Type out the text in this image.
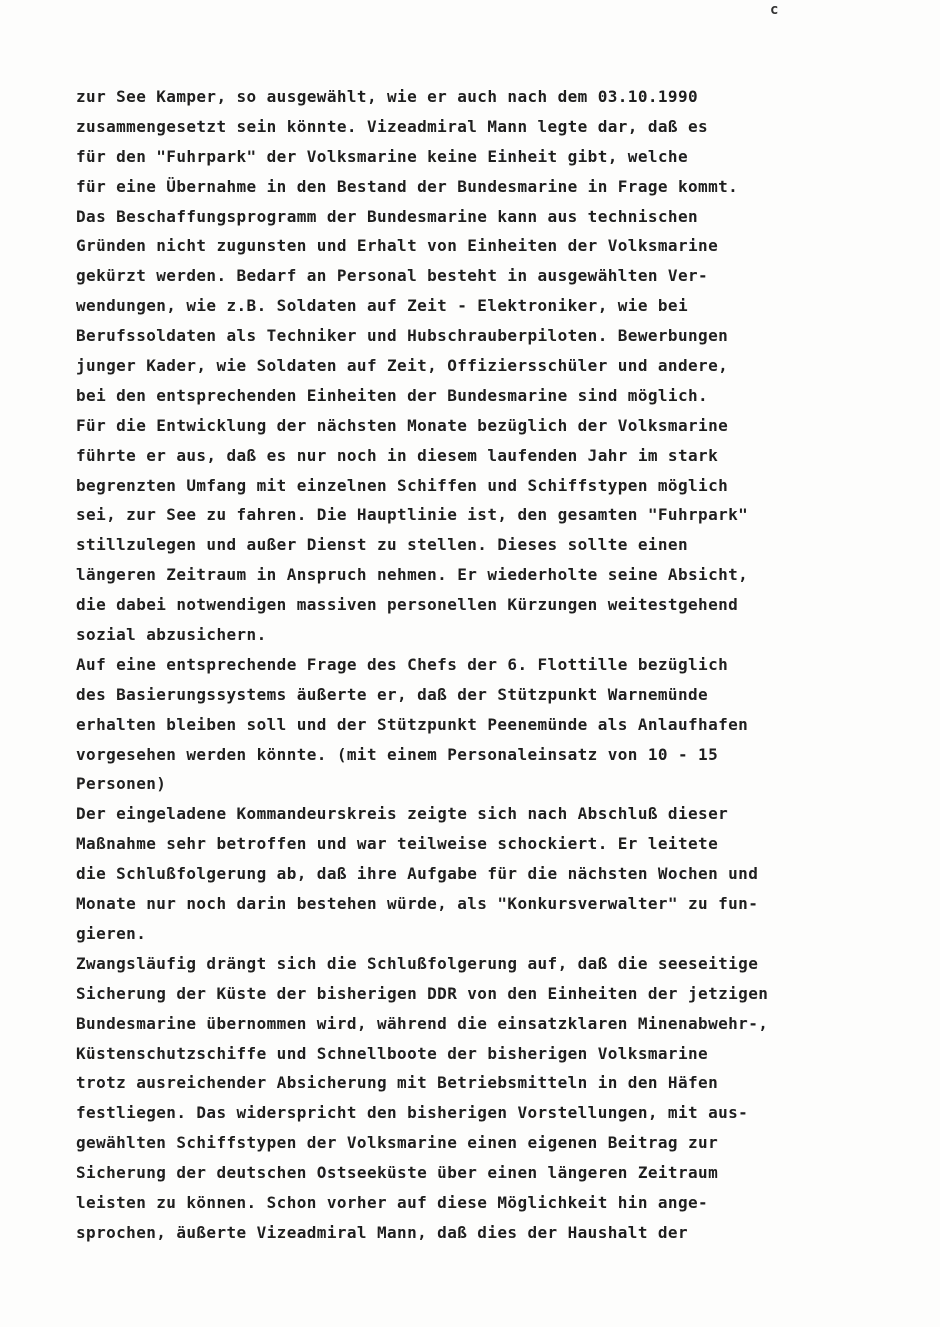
c
zur See Kamper, so ausgewählt, wie er auch nach dem 03.10.1990
zusammengesetzt sein könnte. Vizeadmiral Mann legte dar, daß es
für den "Fuhrpark" der Volksmarine keine Einheit gibt, welche
für eine Übernahme in den Bestand der Bundesmarine in Frage kommt.
Das Beschaffungsprogramm der Bundesmarine kann aus technischen
Gründen nicht zugunsten und Erhalt von Einheiten der Volksmarine
gekürzt werden. Bedarf an Personal besteht in ausgewählten Ver-
wendungen, wie z.B. Soldaten auf Zeit - Elektroniker, wie bei
Berufssoldaten als Techniker und Hubschrauberpiloten. Bewerbungen
junger Kader, wie Soldaten auf Zeit, Offiziersschüler und andere,
bei den entsprechenden Einheiten der Bundesmarine sind möglich.
Für die Entwicklung der nächsten Monate bezüglich der Volksmarine
führte er aus, daß es nur noch in diesem laufenden Jahr im stark
begrenzten Umfang mit einzelnen Schiffen und Schiffstypen möglich
sei, zur See zu fahren. Die Hauptlinie ist, den gesamten "Fuhrpark"
stillzulegen und außer Dienst zu stellen. Dieses sollte einen
längeren Zeitraum in Anspruch nehmen. Er wiederholte seine Absicht,
die dabei notwendigen massiven personellen Kürzungen weitestgehend
sozial abzusichern.
Auf eine entsprechende Frage des Chefs der 6. Flottille bezüglich
des Basierungssystems äußerte er, daß der Stützpunkt Warnemünde
erhalten bleiben soll und der Stützpunkt Peenemünde als Anlaufhafen
vorgesehen werden könnte. (mit einem Personaleinsatz von 10 - 15
Personen)
Der eingeladene Kommandeurskreis zeigte sich nach Abschluß dieser
Maßnahme sehr betroffen und war teilweise schockiert. Er leitete
die Schlußfolgerung ab, daß ihre Aufgabe für die nächsten Wochen und
Monate nur noch darin bestehen würde, als "Konkursverwalter" zu fun-
gieren.
Zwangsläufig drängt sich die Schlußfolgerung auf, daß die seeseitige
Sicherung der Küste der bisherigen DDR von den Einheiten der jetzigen
Bundesmarine übernommen wird, während die einsatzklaren Minenabwehr-,
Küstenschutzschiffe und Schnellboote der bisherigen Volksmarine
trotz ausreichender Absicherung mit Betriebsmitteln in den Häfen
festliegen. Das widerspricht den bisherigen Vorstellungen, mit aus-
gewählten Schiffstypen der Volksmarine einen eigenen Beitrag zur
Sicherung der deutschen Ostseeküste über einen längeren Zeitraum
leisten zu können. Schon vorher auf diese Möglichkeit hin ange-
sprochen, äußerte Vizeadmiral Mann, daß dies der Haushalt der
